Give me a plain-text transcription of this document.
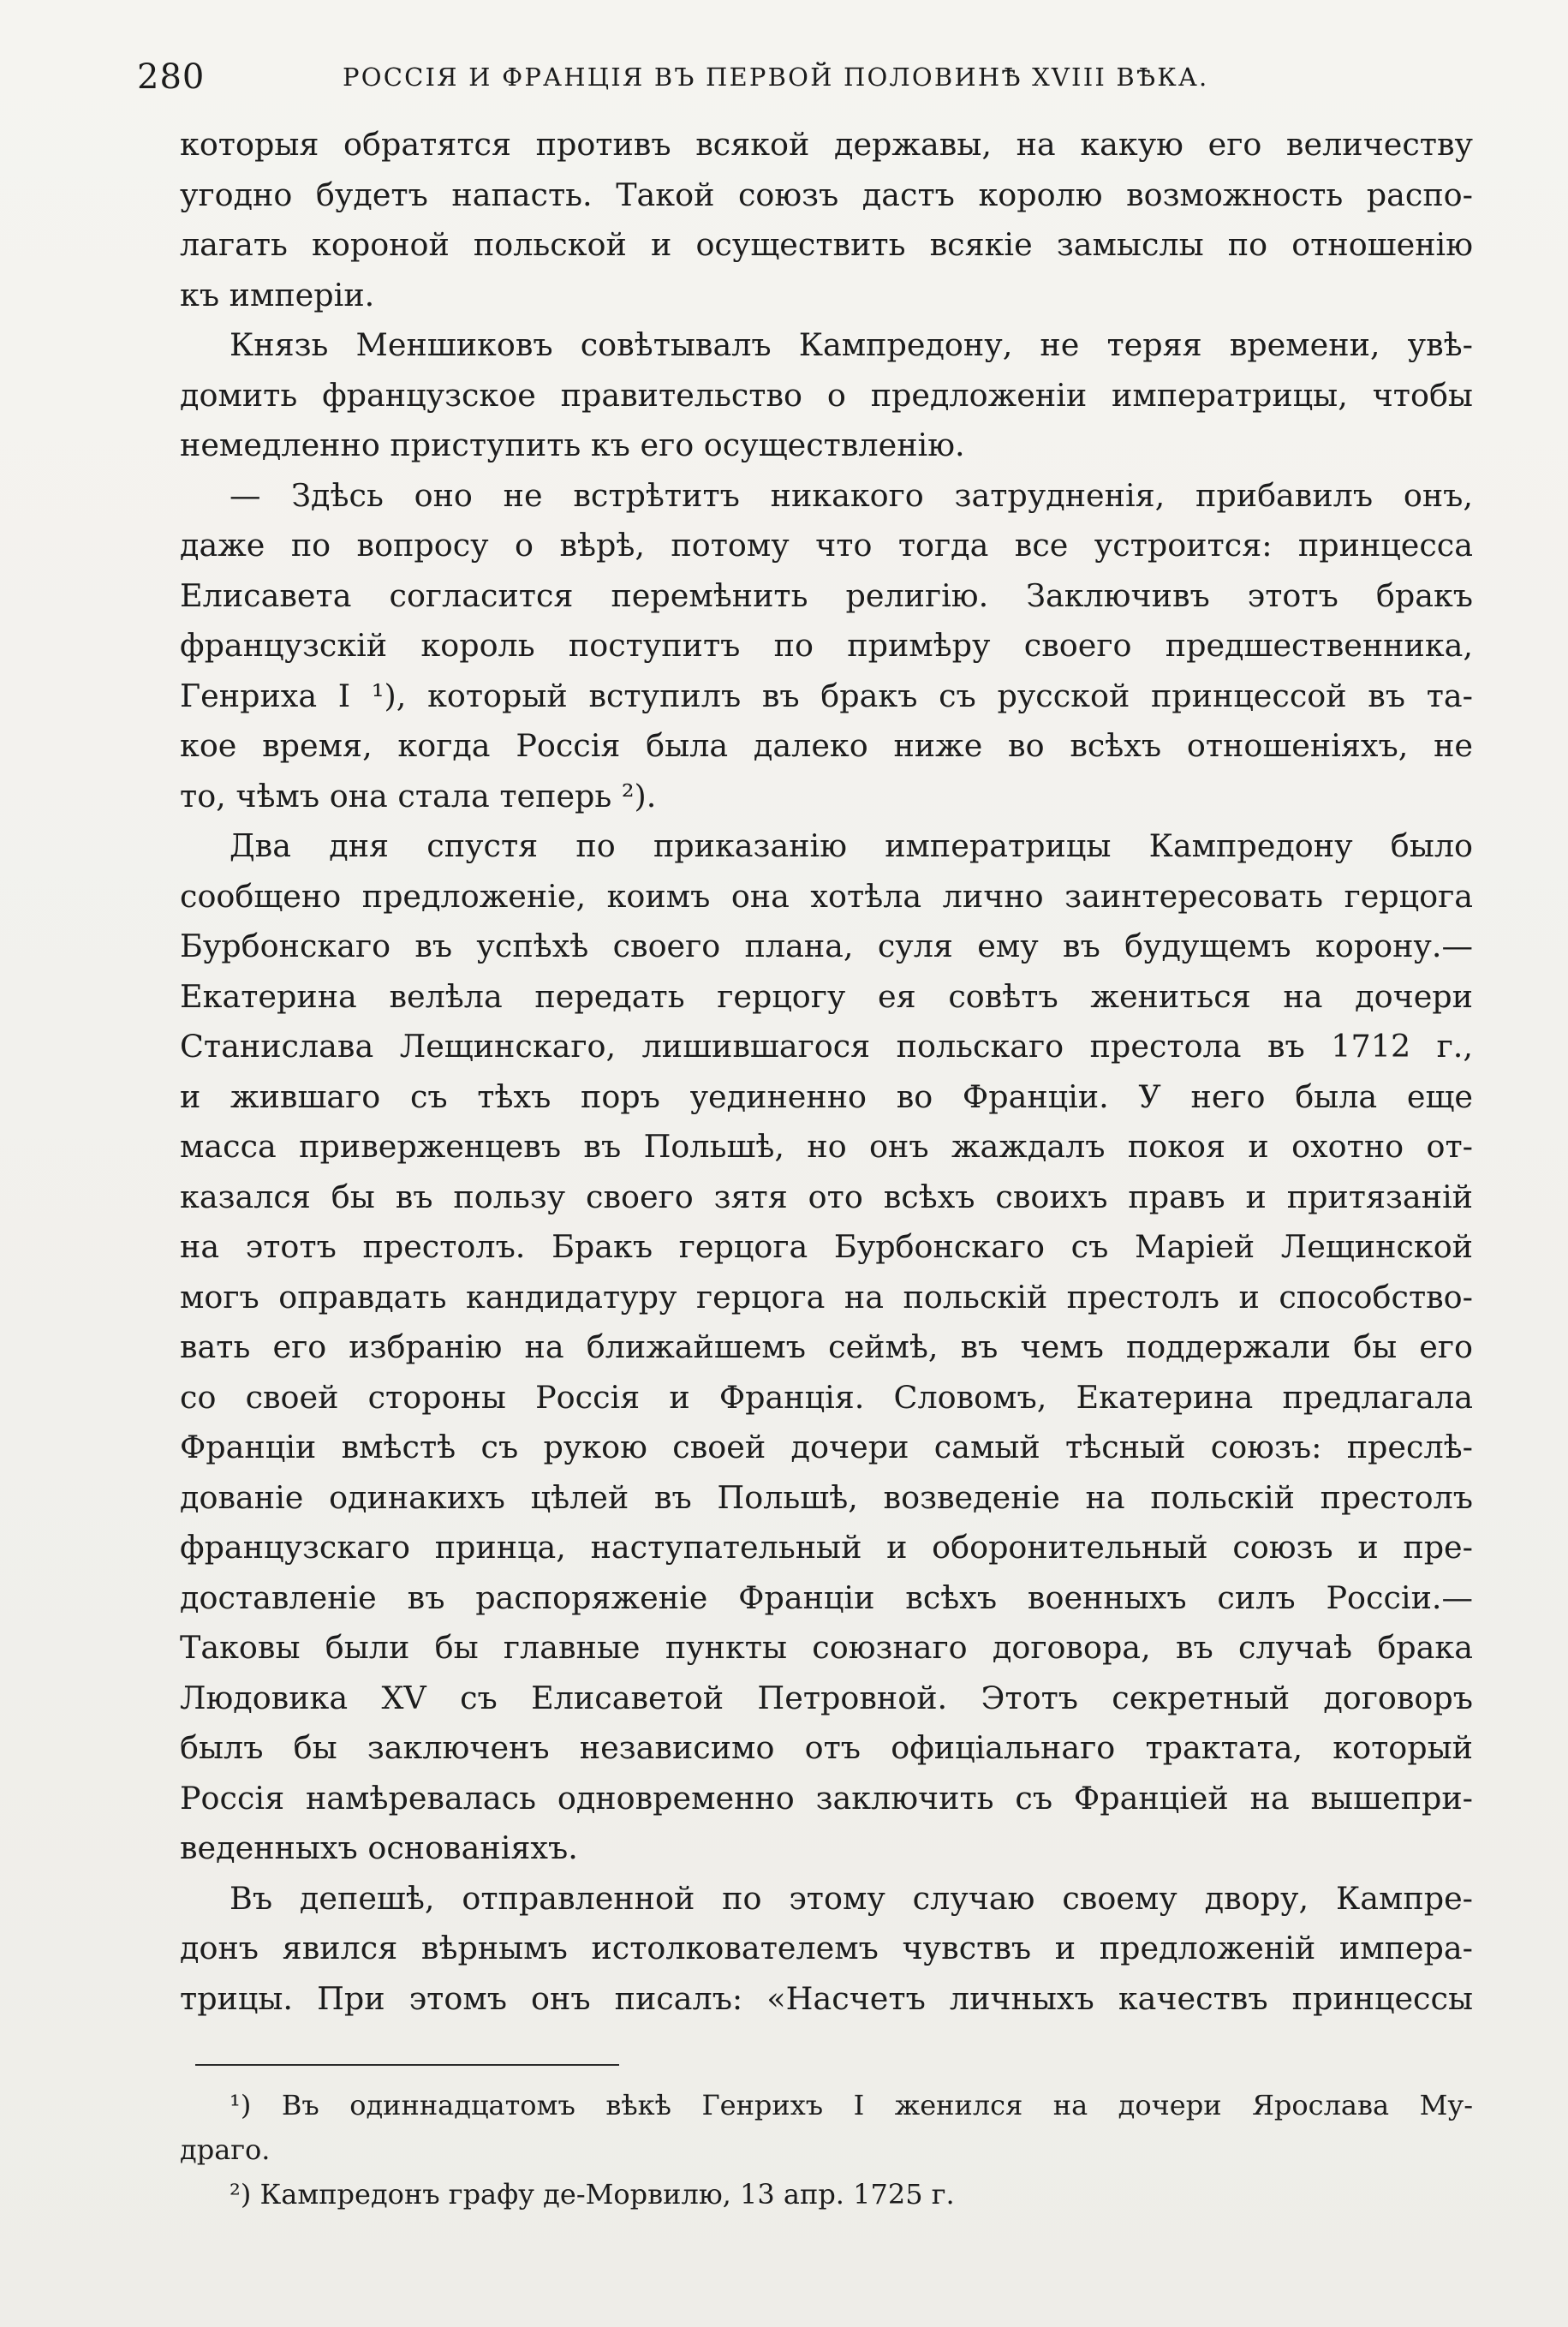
280	РОССІЯ И ФРАНЦІЯ ВЪ ПЕРВОЙ ПОЛОВИНѢ XVIII ВѢКА.
которыя обратятся противъ всякой державы, на какую его величеству
угодно будетъ напасть. Такой союзъ дастъ королю возможность распо-
лагать короной польской и осуществить всякіе замыслы по отношенію
къ имперіи.
Князь Меншиковъ совѣтывалъ Кампредону, не теряя времени, увѣ-
домить французское правительство о предложеніи императрицы, чтобы
немедленно приступить къ его осуществленію.
— Здѣсь оно не встрѣтитъ никакого затрудненія, прибавилъ онъ,
даже по вопросу о вѣрѣ, потому что тогда все устроится: принцесса
Елисавета согласится перемѣнить религію. Заключивъ этотъ бракъ
французскій король поступитъ по примѣру своего предшественника,
Генриха I ¹), который вступилъ въ бракъ съ русской принцессой въ та-
кое время, когда Россія была далеко ниже во всѣхъ отношеніяхъ, не
то, чѣмъ она стала теперь ²).
Два дня спустя по приказанію императрицы Кампредону было
сообщено предложеніе, коимъ она хотѣла лично заинтересовать герцога
Бурбонскаго въ успѣхѣ своего плана, суля ему въ будущемъ корону.—
Екатерина велѣла передать герцогу ея совѣтъ жениться на дочери
Станислава Лещинскаго, лишившагося польскаго престола въ 1712 г.,
и жившаго съ тѣхъ поръ уединенно во Франціи. У него была еще
масса приверженцевъ въ Польшѣ, но онъ жаждалъ покоя и охотно от-
казался бы въ пользу своего зятя ото всѣхъ своихъ правъ и притязаній
на этотъ престолъ. Бракъ герцога Бурбонскаго съ Маріей Лещинской
могъ оправдать кандидатуру герцога на польскій престолъ и способство-
вать его избранію на ближайшемъ сеймѣ, въ чемъ поддержали бы его
со своей стороны Россія и Франція. Словомъ, Екатерина предлагала
Франціи вмѣстѣ съ рукою своей дочери самый тѣсный союзъ: преслѣ-
дованіе одинакихъ цѣлей въ Польшѣ, возведеніе на польскій престолъ
французскаго принца, наступательный и оборонительный союзъ и пре-
доставленіе въ распоряженіе Франціи всѣхъ военныхъ силъ Россіи.—
Таковы были бы главные пункты союзнаго договора, въ случаѣ брака
Людовика XV съ Елисаветой Петровной. Этотъ секретный договоръ
былъ бы заключенъ независимо отъ офиціальнаго трактата, который
Россія намѣревалась одновременно заключить съ Франціей на вышепри-
веденныхъ основаніяхъ.
Въ депешѣ, отправленной по этому случаю своему двору, Кампре-
донъ явился вѣрнымъ истолкователемъ чувствъ и предложеній импера-
трицы. При этомъ онъ писалъ: «Насчетъ личныхъ качествъ принцессы
¹) Въ одиннадцатомъ вѣкѣ Генрихъ I женился на дочери Ярослава Му-
драго.
²) Кампредонъ графу де-Морвилю, 13 апр. 1725 г.
